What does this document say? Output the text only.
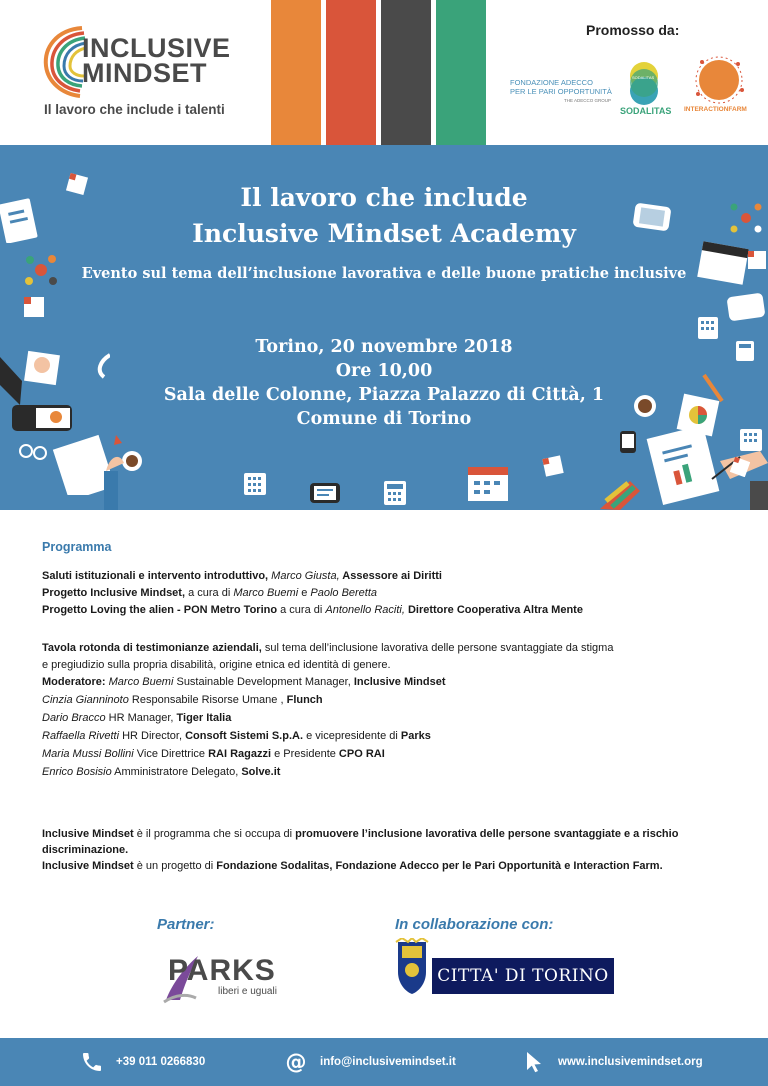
INCLUSIVE
MINDSET
Il lavoro che include i talenti
Promosso da:
FONDAZIONE ADECCO
PER LE PARI OPPORTUNITÀ
THE ADECCO GROUP
SODALITAS
SODALITAS INTERACTIONFARM
Il lavoro che include
Inclusive Mindset Academy
Evento sul tema dell’inclusione lavorativa e delle buone pratiche inclusive
Torino, 20 novembre 2018
Ore 10,00
Sala delle Colonne, Piazza Palazzo di Città, 1
Comune di Torino
Programma
Saluti istituzionali e intervento introduttivo, Marco Giusta, Assessore ai Diritti
Progetto Inclusive Mindset, a cura di Marco Buemi e Paolo Beretta
Progetto Loving the alien - PON Metro Torino a cura di Antonello Raciti, Direttore Cooperativa Altra Mente
Tavola rotonda di testimonianze aziendali, sul tema dell’inclusione lavorativa delle persone svantaggiate da stigma
e pregiudizio sulla propria disabilità, origine etnica ed identità di genere.
Moderatore: Marco Buemi Sustainable Development Manager, Inclusive Mindset
Cinzia Gianninoto Responsabile Risorse Umane , Flunch
Dario Bracco HR Manager, Tiger Italia
Raffaella Rivetti HR Director, Consoft Sistemi S.p.A. e vicepresidente di Parks
Maria Mussi Bollini Vice Direttrice RAI Ragazzi e Presidente CPO RAI
Enrico Bosisio Amministratore Delegato, Solve.it
Inclusive Mindset è il programma che si occupa di promuovere l’inclusione lavorativa delle persone svantaggiate e a rischio discriminazione.
Inclusive Mindset è un progetto di Fondazione Sodalitas, Fondazione Adecco per le Pari Opportunità e Interaction Farm.
Partner:	In collaborazione con:
PARKS
liberi e uguali
CITTA' DI TORINO
+39 011 0266830	@ info@inclusivemindset.it	www.inclusivemindset.org
